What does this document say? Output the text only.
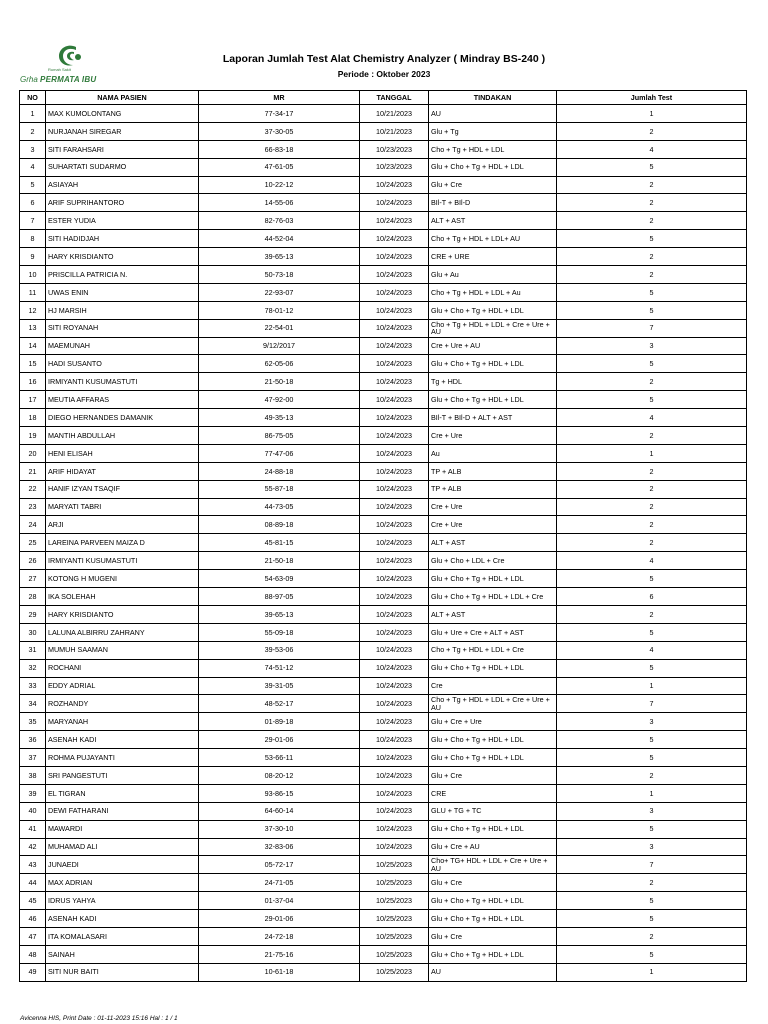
Rumah Sakit
Grha PERMATA IBU
Laporan Jumlah Test Alat Chemistry Analyzer ( Mindray BS-240 )
Periode : Oktober 2023
NO	NAMA PASIEN	MR	TANGGAL	TINDAKAN	Jumlah Test
1	MAX KUMOLONTANG	77-34-17	10/21/2023	AU	1
2	NURJANAH SIREGAR	37-30-05	10/21/2023	Glu + Tg	2
3	SITI FARAHSARI	66-83-18	10/23/2023	Cho + Tg + HDL + LDL	4
4	SUHARTATI SUDARMO	47-61-05	10/23/2023	Glu + Cho + Tg + HDL + LDL	5
5	ASIAYAH	10-22-12	10/24/2023	Glu + Cre	2
6	ARIF SUPRIHANTORO	14-55-06	10/24/2023	BIl-T + BIl-D	2
7	ESTER YUDIA	82-76-03	10/24/2023	ALT + AST	2
8	SITI HADIDJAH	44-52-04	10/24/2023	Cho + Tg + HDL + LDL+ AU	5
9	HARY KRISDIANTO	39-65-13	10/24/2023	CRE + URE	2
10	PRISCILLA PATRICIA N.	50-73-18	10/24/2023	Glu + Au	2
11	UWAS ENIN	22-93-07	10/24/2023	Cho + Tg + HDL + LDL + Au	5
12	HJ MARSIH	78-01-12	10/24/2023	Glu + Cho + Tg + HDL + LDL	5
13	SITI ROYANAH	22-54-01	10/24/2023	Cho + Tg + HDL + LDL + Cre + Ure + AU	7
14	MAEMUNAH	9/12/2017	10/24/2023	Cre + Ure + AU	3
15	HADI SUSANTO	62-05-06	10/24/2023	Glu + Cho + Tg + HDL + LDL	5
16	IRMIYANTI KUSUMASTUTI	21-50-18	10/24/2023	Tg + HDL	2
17	MEUTIA AFFARAS	47-92-00	10/24/2023	Glu + Cho + Tg + HDL + LDL	5
18	DIEGO HERNANDES DAMANIK	49-35-13	10/24/2023	BIl-T + BIl-D + ALT + AST	4
19	MANTIH ABDULLAH	86-75-05	10/24/2023	Cre + Ure	2
20	HENI ELISAH	77-47-06	10/24/2023	Au	1
21	ARIF HIDAYAT	24-88-18	10/24/2023	TP + ALB	2
22	HANIF IZYAN TSAQIF	55-87-18	10/24/2023	TP + ALB	2
23	MARYATI TABRI	44-73-05	10/24/2023	Cre + Ure	2
24	ARJI	08-89-18	10/24/2023	Cre + Ure	2
25	LAREINA PARVEEN MAIZA D	45-81-15	10/24/2023	ALT + AST	2
26	IRMIYANTI KUSUMASTUTI	21-50-18	10/24/2023	Glu + Cho + LDL + Cre	4
27	KOTONG H MUGENI	54-63-09	10/24/2023	Glu + Cho + Tg + HDL + LDL	5
28	IKA SOLEHAH	88-97-05	10/24/2023	Glu + Cho + Tg + HDL + LDL + Cre	6
29	HARY KRISDIANTO	39-65-13	10/24/2023	ALT + AST	2
30	LALUNA ALBIRRU ZAHRANY	55-09-18	10/24/2023	Glu + Ure + Cre + ALT + AST	5
31	MUMUH SAAMAN	39-53-06	10/24/2023	Cho + Tg + HDL + LDL + Cre	4
32	ROCHANI	74-51-12	10/24/2023	Glu + Cho + Tg + HDL + LDL	5
33	EDDY ADRIAL	39-31-05	10/24/2023	Cre	1
34	ROZHANDY	48-52-17	10/24/2023	Cho + Tg + HDL + LDL + Cre + Ure + AU	7
35	MARYANAH	01-89-18	10/24/2023	Glu + Cre + Ure	3
36	ASENAH KADI	29-01-06	10/24/2023	Glu + Cho + Tg + HDL + LDL	5
37	ROHMA PUJAYANTI	53-66-11	10/24/2023	Glu + Cho + Tg + HDL + LDL	5
38	SRI PANGESTUTI	08-20-12	10/24/2023	Glu + Cre	2
39	EL TIGRAN	93-86-15	10/24/2023	CRE	1
40	DEWI FATHARANI	64-60-14	10/24/2023	GLU + TG + TC	3
41	MAWARDI	37-30-10	10/24/2023	Glu + Cho + Tg + HDL + LDL	5
42	MUHAMAD ALI	32-83-06	10/24/2023	Glu + Cre + AU	3
43	JUNAEDI	05-72-17	10/25/2023	Cho+ TG+ HDL + LDL + Cre + Ure + AU	7
44	MAX ADRIAN	24-71-05	10/25/2023	Glu + Cre	2
45	IDRUS YAHYA	01-37-04	10/25/2023	Glu + Cho + Tg + HDL + LDL	5
46	ASENAH KADI	29-01-06	10/25/2023	Glu + Cho + Tg + HDL + LDL	5
47	ITA KOMALASARI	24-72-18	10/25/2023	Glu + Cre	2
48	SAINAH	21-75-16	10/25/2023	Glu + Cho + Tg + HDL + LDL	5
49	SITI NUR BAITI	10-61-18	10/25/2023	AU	1
Avicenna HIS, Print Date : 01-11-2023 15:16 Hal : 1 / 1
